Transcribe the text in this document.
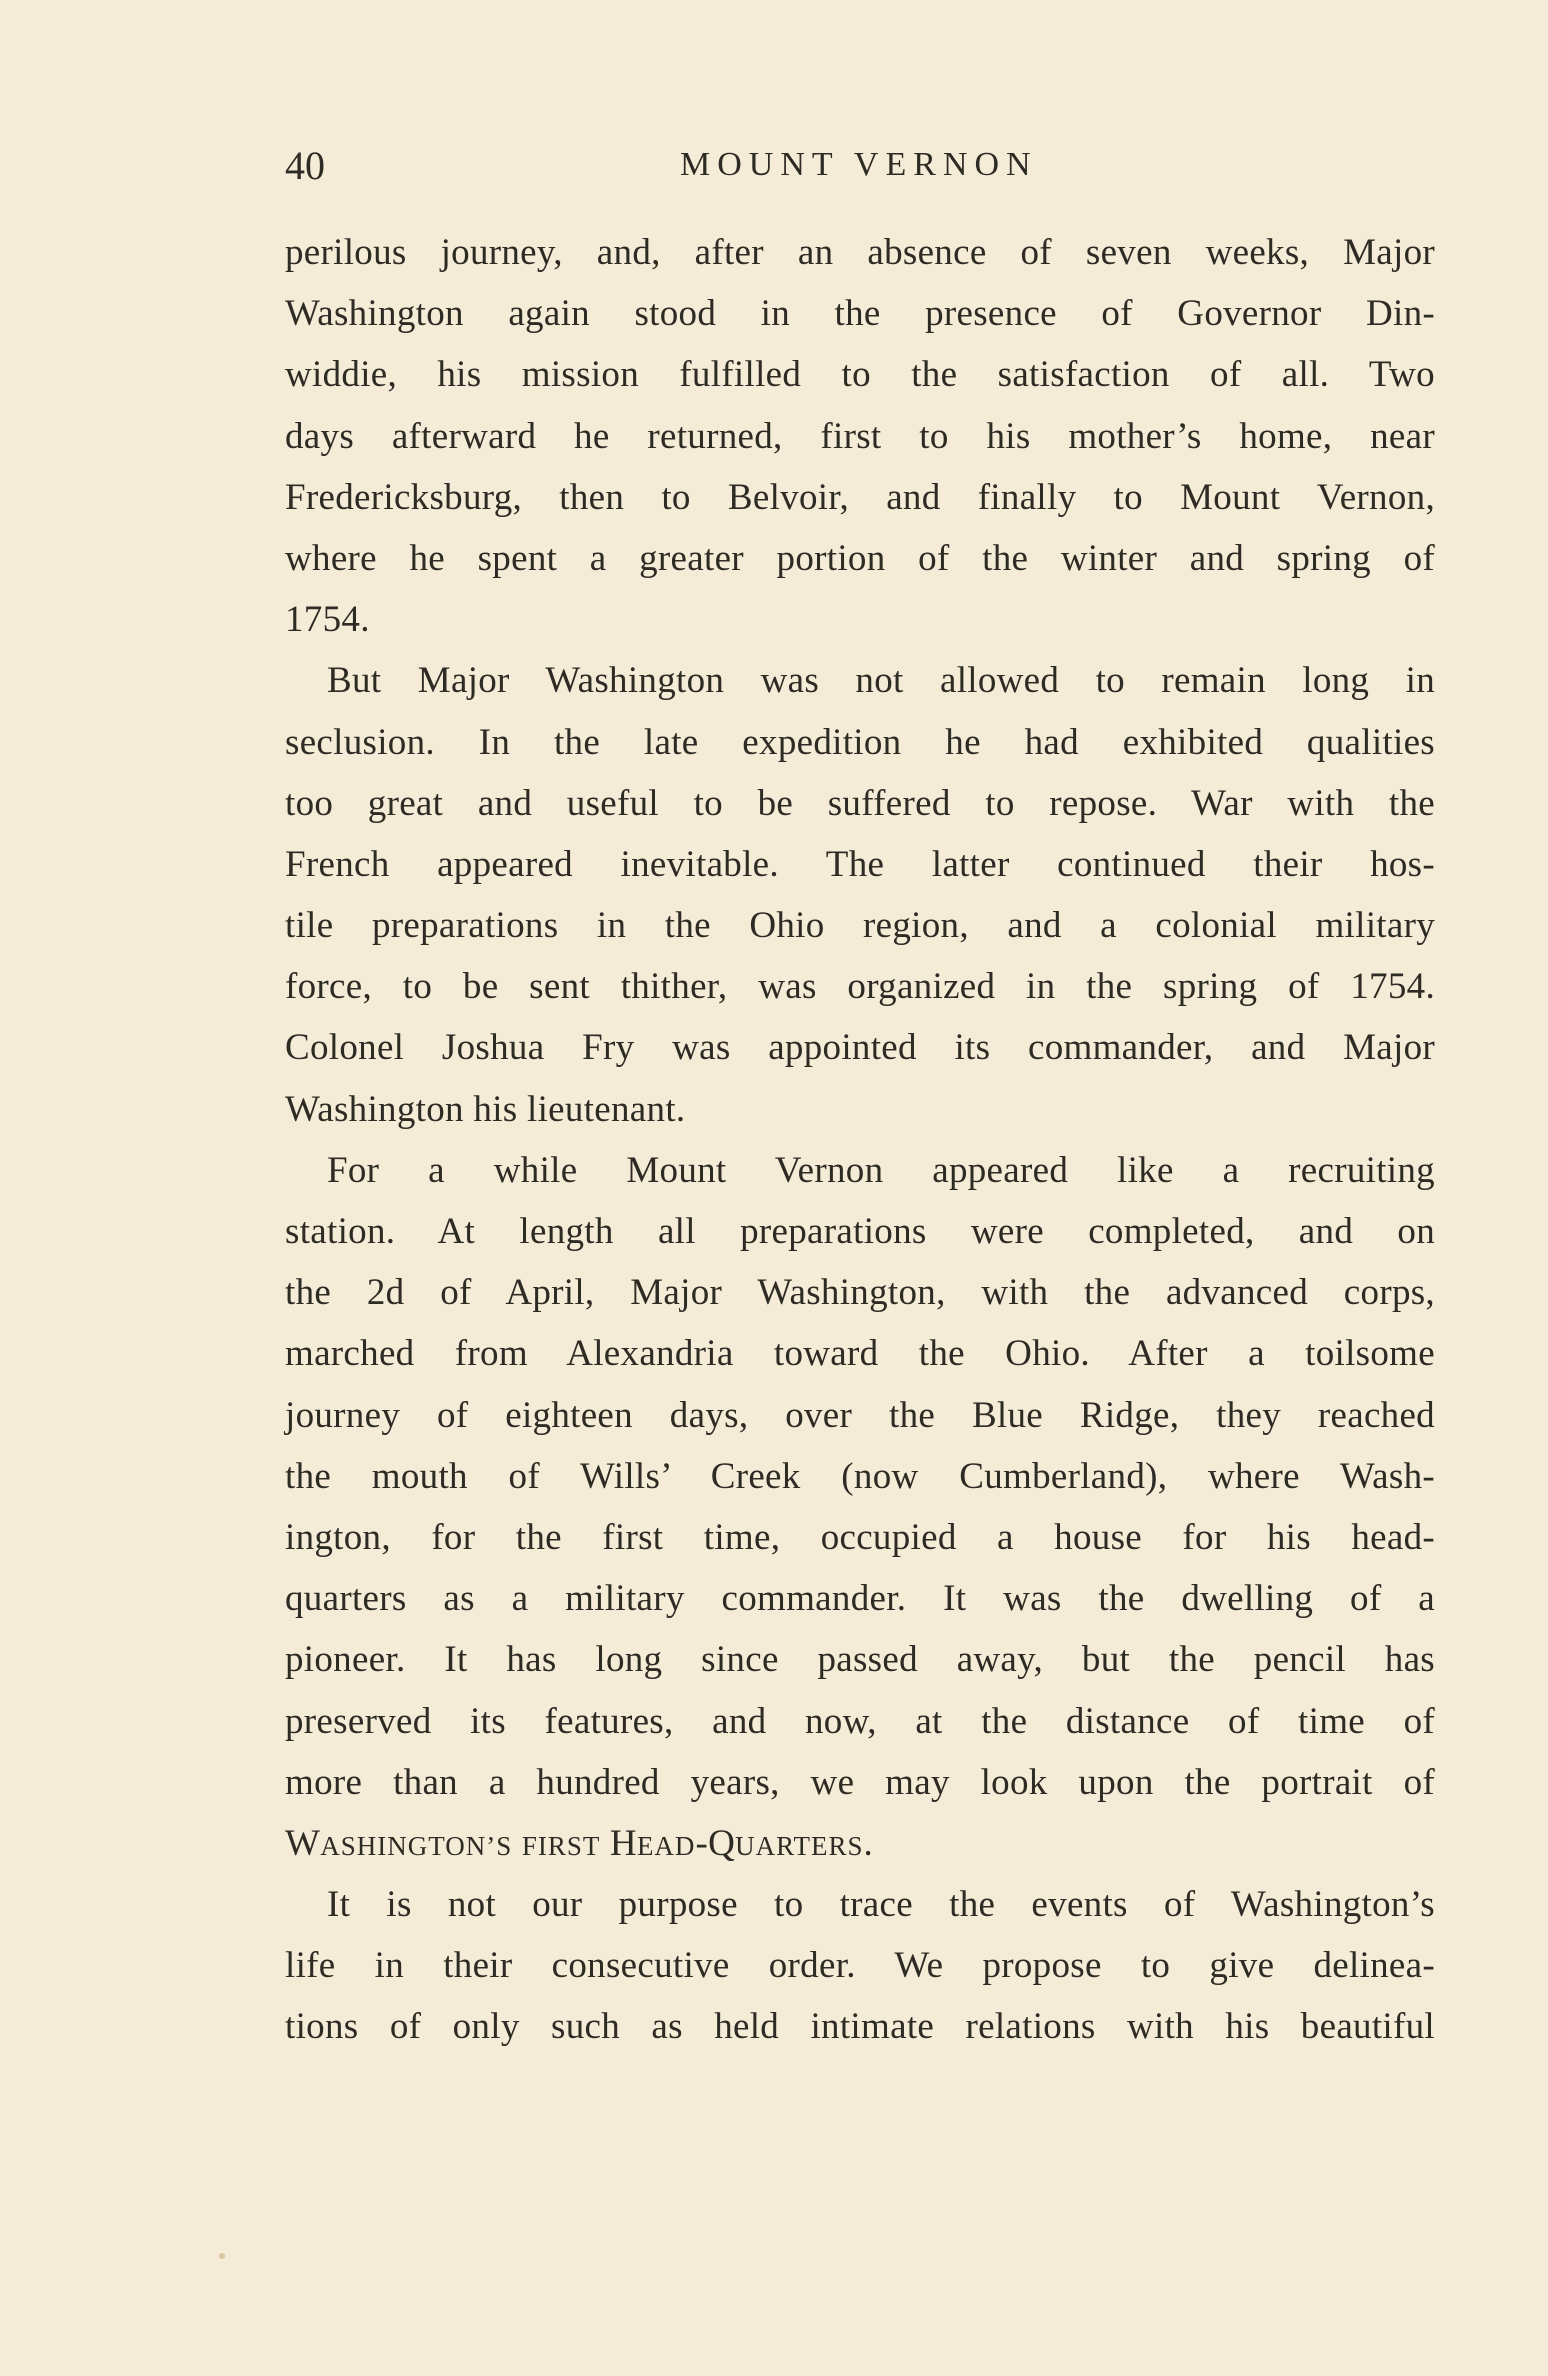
40	MOUNT VERNON
perilous journey, and, after an absence of seven weeks, Major
Washington again stood in the presence of Governor Din-
widdie, his mission fulfilled to the satisfaction of all. Two
days afterward he returned, first to his mother’s home, near
Fredericksburg, then to Belvoir, and finally to Mount Vernon,
where he spent a greater portion of the winter and spring of
1754.
But Major Washington was not allowed to remain long in
seclusion. In the late expedition he had exhibited qualities
too great and useful to be suffered to repose. War with the
French appeared inevitable. The latter continued their hos-
tile preparations in the Ohio region, and a colonial military
force, to be sent thither, was organized in the spring of 1754.
Colonel Joshua Fry was appointed its commander, and Major
Washington his lieutenant.
For a while Mount Vernon appeared like a recruiting
station. At length all preparations were completed, and on
the 2d of April, Major Washington, with the advanced corps,
marched from Alexandria toward the Ohio. After a toilsome
journey of eighteen days, over the Blue Ridge, they reached
the mouth of Wills’ Creek (now Cumberland), where Wash-
ington, for the first time, occupied a house for his head-
quarters as a military commander. It was the dwelling of a
pioneer. It has long since passed away, but the pencil has
preserved its features, and now, at the distance of time of
more than a hundred years, we may look upon the portrait of
WASHINGTON’S FIRST HEAD-QUARTERS.
It is not our purpose to trace the events of Washington’s
life in their consecutive order. We propose to give delinea-
tions of only such as held intimate relations with his beautiful
